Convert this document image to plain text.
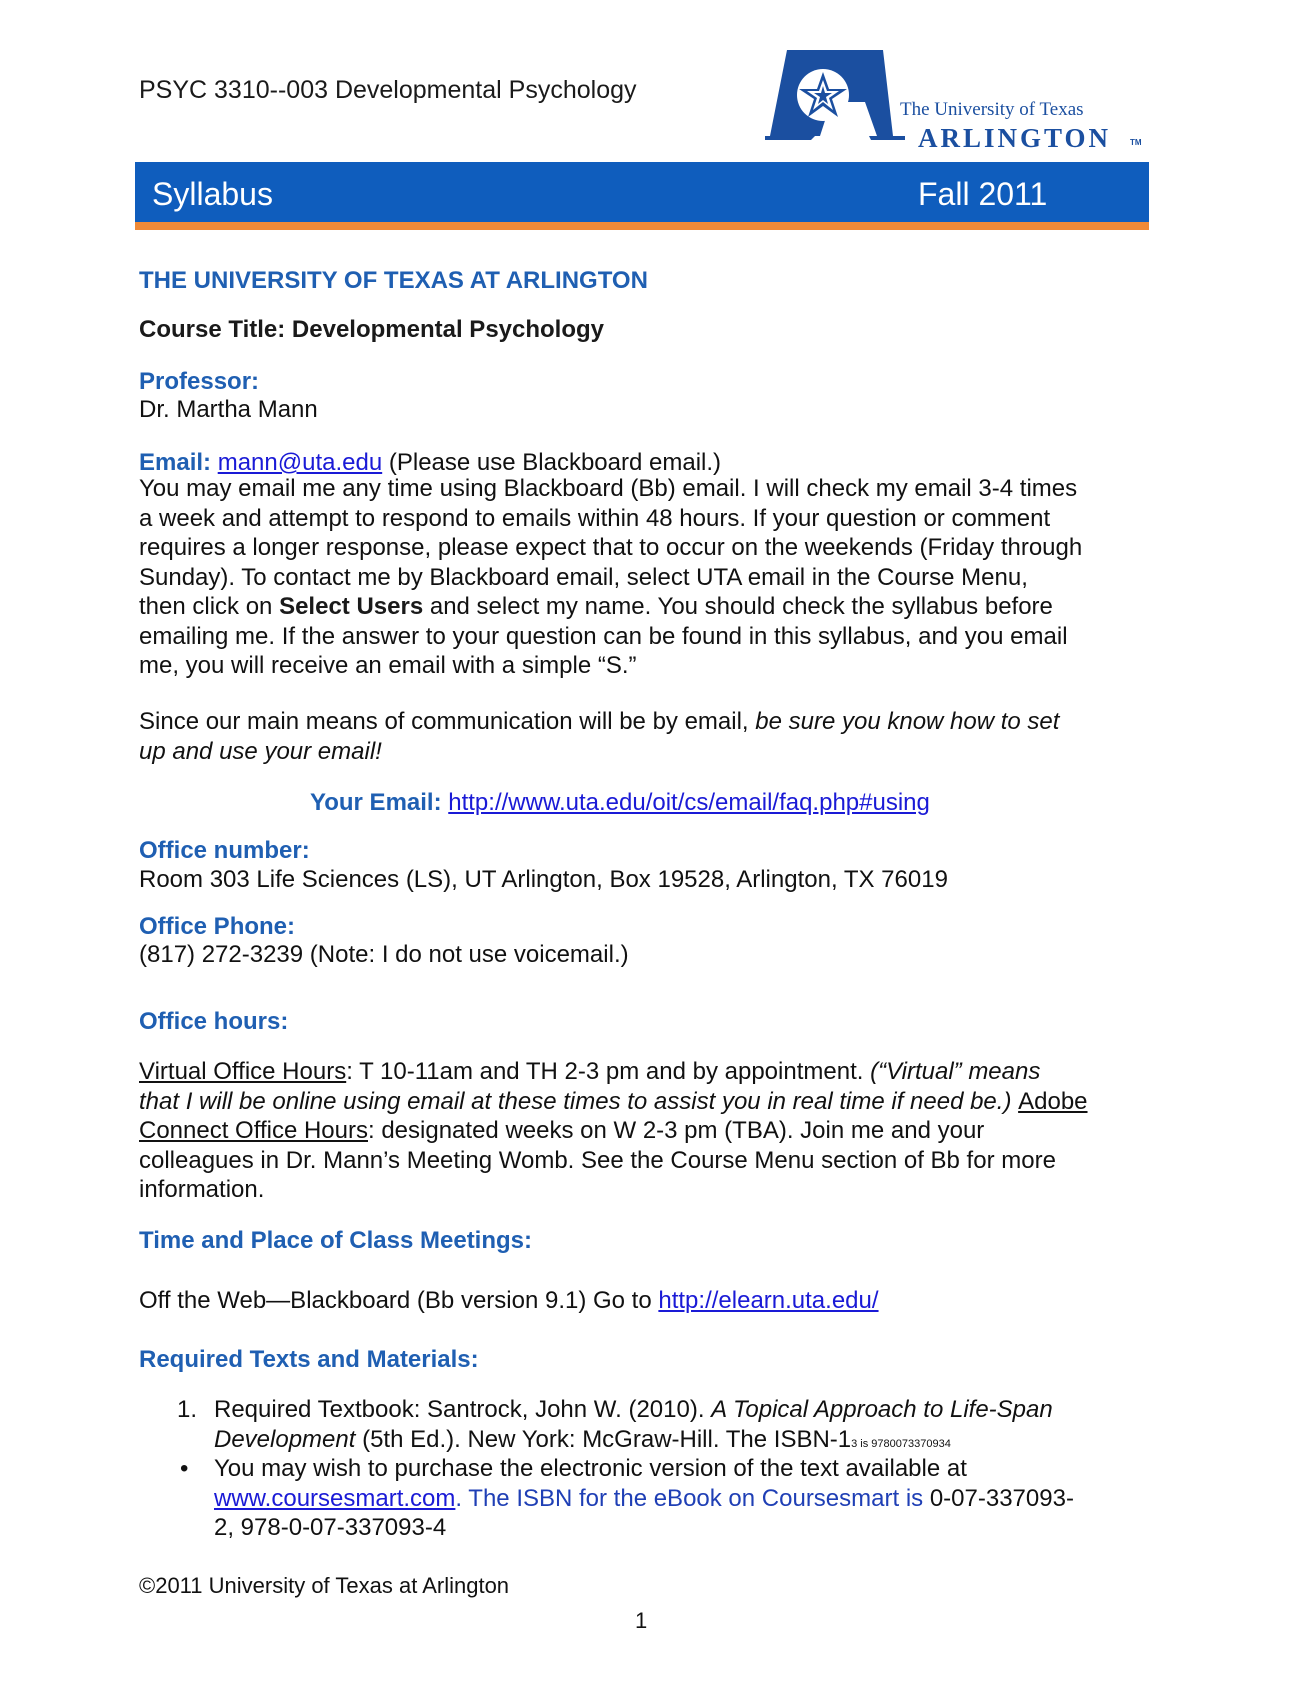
PSYC 3310--003 Developmental Psychology
The University of Texas
ARLINGTON TM
Syllabus	Fall 2011
THE UNIVERSITY OF TEXAS AT ARLINGTON
Course Title: Developmental Psychology
Professor:
Dr. Martha Mann
Email: mann@uta.edu (Please use Blackboard email.)
You may email me any time using Blackboard (Bb) email. I will check my email 3-4 times
a week and attempt to respond to emails within 48 hours. If your question or comment
requires a longer response, please expect that to occur on the weekends (Friday through
Sunday). To contact me by Blackboard email, select UTA email in the Course Menu,
then click on Select Users and select my name. You should check the syllabus before
emailing me. If the answer to your question can be found in this syllabus, and you email
me, you will receive an email with a simple “S.”
Since our main means of communication will be by email, be sure you know how to set
up and use your email!
Your Email: http://www.uta.edu/oit/cs/email/faq.php#using
Office number:
Room 303 Life Sciences (LS), UT Arlington, Box 19528, Arlington, TX 76019
Office Phone:
(817) 272-3239 (Note: I do not use voicemail.)
Office hours:
Virtual Office Hours: T 10-11am and TH 2-3 pm and by appointment. (“Virtual” means
that I will be online using email at these times to assist you in real time if need be.) Adobe
Connect Office Hours: designated weeks on W 2-3 pm (TBA). Join me and your
colleagues in Dr. Mann’s Meeting Womb. See the Course Menu section of Bb for more
information.
Time and Place of Class Meetings:
Off the Web—Blackboard (Bb version 9.1) Go to http://elearn.uta.edu/
Required Texts and Materials:
1. Required Textbook: Santrock, John W. (2010). A Topical Approach to Life-Span
Development (5th Ed.). New York: McGraw-Hill. The ISBN-13 is 9780073370934
• You may wish to purchase the electronic version of the text available at
www.coursesmart.com. The ISBN for the eBook on Coursesmart is 0-07-337093-
2, 978-0-07-337093-4
©2011 University of Texas at Arlington
1
